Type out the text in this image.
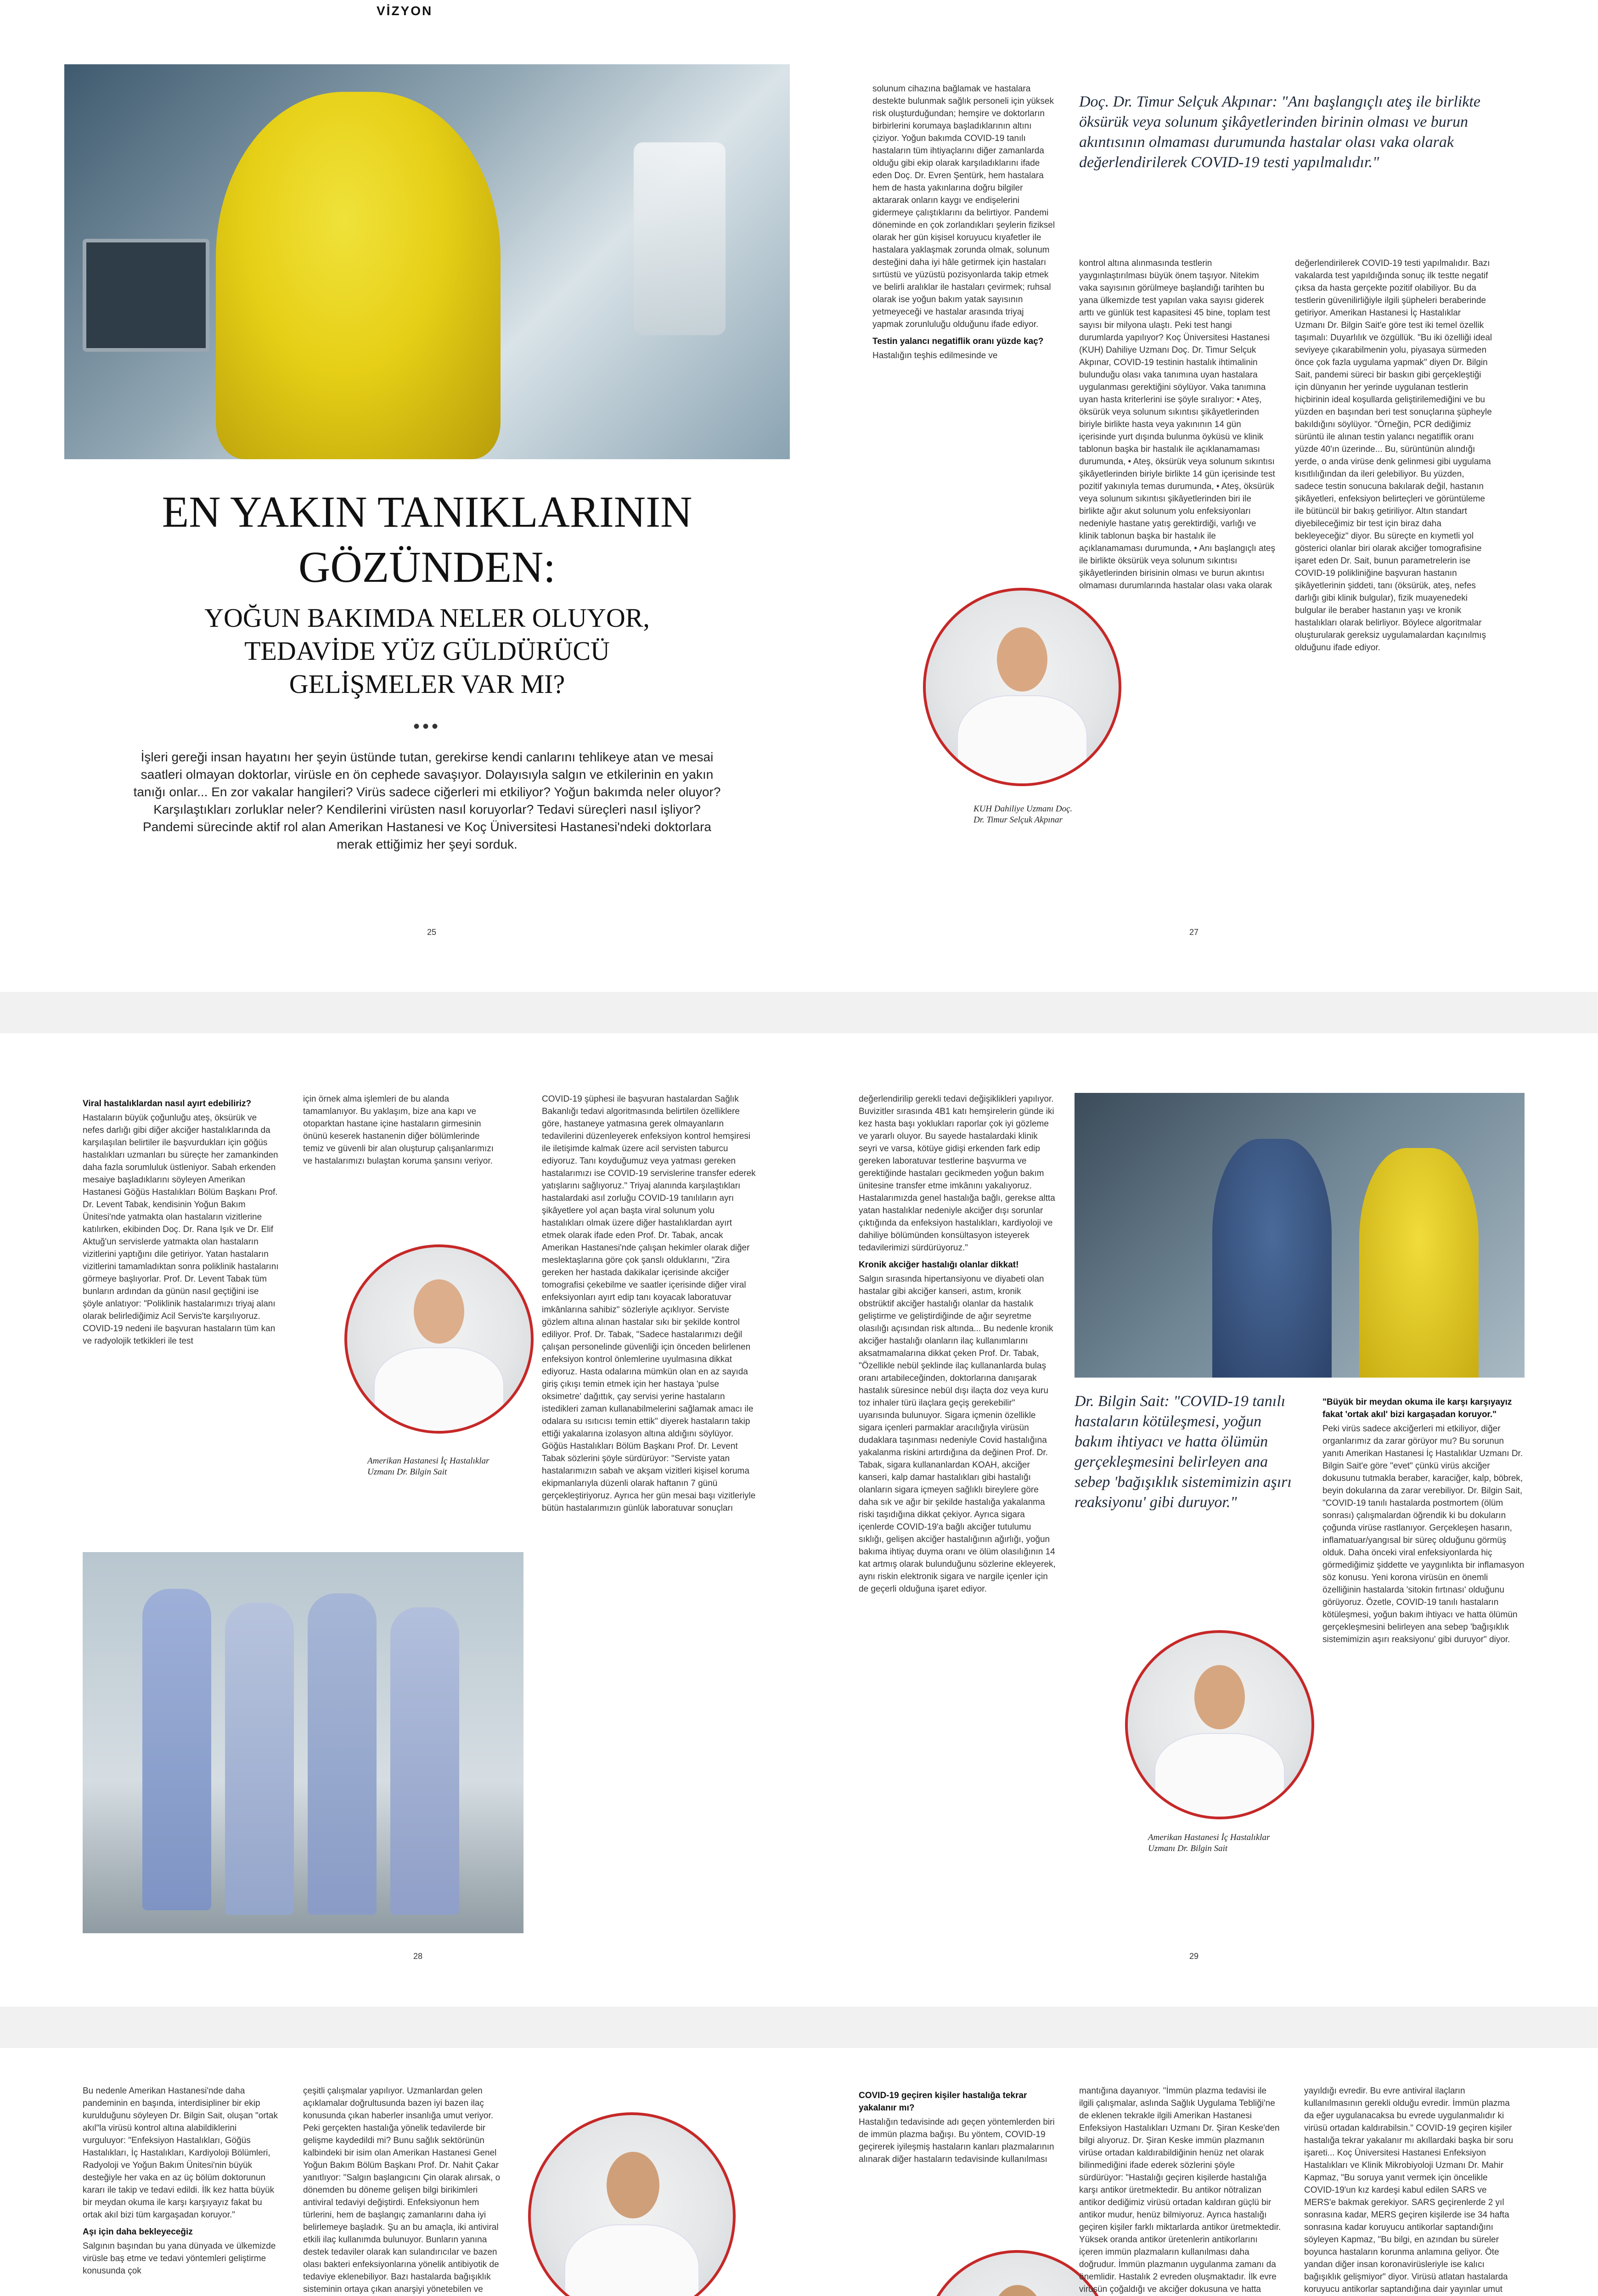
VİZYON
EN YAKIN TANIKLARININ
GÖZÜNDEN:
YOĞUN BAKIMDA NELER OLUYOR, TEDAVİDE YÜZ GÜLDÜRÜCÜ GELİŞMELER VAR MI?
•••
İşleri gereği insan hayatını her şeyin üstünde tutan, gerekirse kendi canlarını tehlikeye atan ve mesai saatleri olmayan doktorlar, virüsle en ön cephede savaşıyor. Dolayısıyla salgın ve etkilerinin en yakın tanığı onlar... En zor vakalar hangileri? Virüs sadece ciğerleri mi etkiliyor? Yoğun bakımda neler oluyor? Karşılaştıkları zorluklar neler? Kendilerini virüsten nasıl koruyorlar? Tedavi süreçleri nasıl işliyor? Pandemi sürecinde aktif rol alan Amerikan Hastanesi ve Koç Üniversitesi Hastanesi'ndeki doktorlara merak ettiğimiz her şeyi sorduk.
25

solunum cihazına bağlamak ve hastalara destekte bulunmak sağlık personeli için yüksek risk oluşturduğundan; hemşire ve doktorların birbirlerini korumaya başladıklarının altını çiziyor. Yoğun bakımda COVID-19 tanılı hastaların tüm ihtiyaçlarını diğer zamanlarda olduğu gibi ekip olarak karşıladıklarını ifade eden Doç. Dr. Evren Şentürk, hem hastalara hem de hasta yakınlarına doğru bilgiler aktararak onların kaygı ve endişelerini gidermeye çalıştıklarını da belirtiyor. Pandemi döneminde en çok zorlandıkları şeylerin fiziksel olarak her gün kişisel koruyucu kıyafetler ile hastalara yaklaşmak zorunda olmak, solunum desteğini daha iyi hâle getirmek için hastaları sırtüstü ve yüzüstü pozisyonlarda takip etmek ve belirli aralıklar ile hastaları çevirmek; ruhsal olarak ise yoğun bakım yatak sayısının yetmeyeceği ve hastalar arasında triyaj yapmak zorunluluğu olduğunu ifade ediyor.

Testin yalancı negatiflik oranı yüzde kaç?

Hastalığın teşhis edilmesinde ve

Doç. Dr. Timur Selçuk Akpınar: "Anı başlangıçlı ateş ile birlikte öksürük veya solunum şikâyetlerinden birinin olması ve burun akıntısının olmaması durumunda hastalar olası vaka olarak değerlendirilerek COVID-19 testi yapılmalıdır."

kontrol altına alınmasında testlerin yaygınlaştırılması büyük önem taşıyor. Nitekim vaka sayısının görülmeye başlandığı tarihten bu yana ülkemizde test yapılan vaka sayısı giderek arttı ve günlük test kapasitesi 45 bine, toplam test sayısı bir milyona ulaştı. Peki test hangi durumlarda yapılıyor? Koç Üniversitesi Hastanesi (KUH) Dahiliye Uzmanı Doç. Dr. Timur Selçuk Akpınar, COVID-19 testinin hastalık ihtimalinin bulunduğu olası vaka tanımına uyan hastalara uygulanması gerektiğini söylüyor. Vaka tanımına uyan hasta kriterlerini ise şöyle sıralıyor: • Ateş, öksürük veya solunum sıkıntısı şikâyetlerinden biriyle birlikte hasta veya yakınının 14 gün içerisinde yurt dışında bulunma öyküsü ve klinik tablonun başka bir hastalık ile açıklanamaması durumunda, • Ateş, öksürük veya solunum sıkıntısı şikâyetlerinden biriyle birlikte 14 gün içerisinde test pozitif yakınıyla temas durumunda, • Ateş, öksürük veya solunum sıkıntısı şikâyetlerinden biri ile birlikte ağır akut solunum yolu enfeksiyonları nedeniyle hastane yatış gerektirdiği, varlığı ve klinik tablonun başka bir hastalık ile açıklanamaması durumunda, • Anı başlangıçlı ateş ile birlikte öksürük veya solunum sıkıntısı şikâyetlerinden birisinin olması ve burun akıntısı olmaması durumlarında hastalar olası vaka olarak

değerlendirilerek COVID-19 testi yapılmalıdır. Bazı vakalarda test yapıldığında sonuç ilk testte negatif çıksa da hasta gerçekte pozitif olabiliyor. Bu da testlerin güvenilirliğiyle ilgili şüpheleri beraberinde getiriyor. Amerikan Hastanesi İç Hastalıklar Uzmanı Dr. Bilgin Sait'e göre test iki temel özellik taşımalı: Duyarlılık ve özgüllük. "Bu iki özelliği ideal seviyeye çıkarabilmenin yolu, piyasaya sürmeden önce çok fazla uygulama yapmak" diyen Dr. Bilgin Sait, pandemi süreci bir baskın gibi gerçekleştiği için dünyanın her yerinde uygulanan testlerin hiçbirinin ideal koşullarda geliştirilemediğini ve bu yüzden en başından beri test sonuçlarına şüpheyle bakıldığını söylüyor. "Örneğin, PCR dediğimiz sürüntü ile alınan testin yalancı negatiflik oranı yüzde 40'ın üzerinde... Bu, sürüntünün alındığı yerde, o anda virüse denk gelinmesi gibi uygulama kısıtlılığından da ileri gelebiliyor. Bu yüzden, sadece testin sonucuna bakılarak değil, hastanın şikâyetleri, enfeksiyon belirteçleri ve görüntüleme ile bütüncül bir bakış getiriliyor. Altın standart diyebileceğimiz bir test için biraz daha bekleyeceğiz" diyor. Bu süreçte en kıymetli yol gösterici olanlar biri olarak akciğer tomografisine işaret eden Dr. Sait, bunun parametrelerin ise COVID-19 polikliniğine başvuran hastanın şikâyetlerinin şiddeti, tanı (öksürük, ateş, nefes darlığı gibi klinik bulgular), fizik muayenedeki bulgular ile beraber hastanın yaşı ve kronik hastalıkları olarak belirliyor. Böylece algoritmalar oluşturularak gereksiz uygulamalardan kaçınılmış olduğunu ifade ediyor.

KUH Dahiliye Uzmanı Doç. Dr. Timur Selçuk Akpınar
27

Viral hastalıklardan nasıl ayırt edebiliriz?

Hastaların büyük çoğunluğu ateş, öksürük ve nefes darlığı gibi diğer akciğer hastalıklarında da karşılaşılan belirtiler ile başvurdukları için göğüs hastalıkları uzmanları bu süreçte her zamankinden daha fazla sorumluluk üstleniyor. Sabah erkenden mesaiye başladıklarını söyleyen Amerikan Hastanesi Göğüs Hastalıkları Bölüm Başkanı Prof. Dr. Levent Tabak, kendisinin Yoğun Bakım Ünitesi'nde yatmakta olan hastaların vizitlerine katılırken, ekibinden Doç. Dr. Rana Işık ve Dr. Elif Aktuğ'un servislerde yatmakta olan hastaların vizitlerini yaptığını dile getiriyor. Yatan hastaların vizitlerini tamamladıktan sonra poliklinik hastalarını görmeye başlıyorlar. Prof. Dr. Levent Tabak tüm bunların ardından da günün nasıl geçtiğini ise şöyle anlatıyor: "Poliklinik hastalarımızı triyaj alanı olarak belirlediğimiz Acil Servis'te karşılıyoruz. COVID-19 nedeni ile başvuran hastaların tüm kan ve radyolojik tetkikleri ile test

için örnek alma işlemleri de bu alanda tamamlanıyor. Bu yaklaşım, bize ana kapı ve otoparktan hastane içine hastaların girmesinin önünü keserek hastanenin diğer bölümlerinde temiz ve güvenli bir alan oluşturup çalışanlarımızı ve hastalarımızı bulaştan koruma şansını veriyor.

Amerikan Hastanesi İç Hastalıklar Uzmanı Dr. Bilgin Sait
28

COVID-19 şüphesi ile başvuran hastalardan Sağlık Bakanlığı tedavi algoritmasında belirtilen özelliklere göre, hastaneye yatmasına gerek olmayanların tedavilerini düzenleyerek enfeksiyon kontrol hemşiresi ile iletişimde kalmak üzere acil servisten taburcu ediyoruz. Tanı koyduğumuz veya yatması gereken hastalarımızı ise COVID-19 servislerine transfer ederek yatışlarını sağlıyoruz." Triyaj alanında karşılaştıkları hastalardaki asıl zorluğu COVID-19 tanılıların ayrı şikâyetlere yol açan başta viral solunum yolu hastalıkları olmak üzere diğer hastalıklardan ayırt etmek olarak ifade eden Prof. Dr. Tabak, ancak Amerikan Hastanesi'nde çalışan hekimler olarak diğer meslektaşlarına göre çok şanslı olduklarını, "Zira gereken her hastada dakikalar içerisinde akciğer tomografisi çekebilme ve saatler içerisinde diğer viral enfeksiyonları ayırt edip tanı koyacak laboratuvar imkânlarına sahibiz" sözleriyle açıklıyor. Serviste gözlem altına alınan hastalar sıkı bir şekilde kontrol ediliyor. Prof. Dr. Tabak, "Sadece hastalarımızı değil çalışan personelinde güvenliği için önceden belirlenen enfeksiyon kontrol önlemlerine uyulmasına dikkat ediyoruz. Hasta odalarına mümkün olan en az sayıda giriş çıkışı temin etmek için her hastaya 'pulse oksimetre' dağıttık, çay servisi yerine hastaların istedikleri zaman kullanabilmelerini sağlamak amacı ile odalara su ısıtıcısı temin ettik" diyerek hastaların takip ettiği yakalarına izolasyon altına aldığını söylüyor. Göğüs Hastalıkları Bölüm Başkanı Prof. Dr. Levent Tabak sözlerini şöyle sürdürüyor: "Serviste yatan hastalarımızın sabah ve akşam vizitleri kişisel koruma ekipmanlarıyla düzenli olarak haftanın 7 günü gerçekleştiriyoruz. Ayrıca her gün mesai başı vizitleriyle bütün hastalarımızın günlük laboratuvar sonuçları

değerlendirilip gerekli tedavi değişiklikleri yapılıyor. Buvizitler sırasında 4B1 katı hemşirelerin günde iki kez hasta başı yoklukları raporlar çok iyi gözleme ve yararlı oluyor. Bu sayede hastalardaki klinik seyri ve varsa, kötüye gidişi erkenden fark edip gereken laboratuvar testlerine başvurma ve gerektiğinde hastaları gecikmeden yoğun bakım ünitesine transfer etme imkânını yakalıyoruz. Hastalarımızda genel hastalığa bağlı, gerekse altta yatan hastalıklar nedeniyle akciğer dışı sorunlar çıktığında da enfeksiyon hastalıkları, kardiyoloji ve dahiliye bölümünden konsültasyon isteyerek tedavilerimizi sürdürüyoruz."

Kronik akciğer hastalığı olanlar dikkat!

Salgın sırasında hipertansiyonu ve diyabeti olan hastalar gibi akciğer kanseri, astım, kronik obstrüktif akciğer hastalığı olanlar da hastalık geliştirme ve geliştirdiğinde de ağır seyretme olasılığı açısından risk altında... Bu nedenle kronik akciğer hastalığı olanların ilaç kullanımlarını aksatmamalarına dikkat çeken Prof. Dr. Tabak, "Özellikle nebül şeklinde ilaç kullananlarda bulaş oranı artabileceğinden, doktorlarına danışarak hastalık süresince nebül dışı ilaçta doz veya kuru toz inhaler türü ilaçlara geçiş gerekebilir" uyarısında bulunuyor. Sigara içmenin özellikle sigara içenleri parmaklar aracılığıyla virüsün dudaklara taşınması nedeniyle Covid hastalığına yakalanma riskini artırdığına da değinen Prof. Dr. Tabak, sigara kullananlardan KOAH, akciğer kanseri, kalp damar hastalıkları gibi hastalığı olanların sigara içmeyen sağlıklı bireylere göre daha sık ve ağır bir şekilde hastalığa yakalanma riski taşıdığına dikkat çekiyor. Ayrıca sigara içenlerde COVID-19'a bağlı akciğer tutulumu sıklığı, gelişen akciğer hastalığının ağırlığı, yoğun bakıma ihtiyaç duyma oranı ve ölüm olasılığının 14 kat artmış olarak bulunduğunu sözlerine ekleyerek, aynı riskin elektronik sigara ve nargile içenler için de geçerli olduğuna işaret ediyor.

Dr. Bilgin Sait: "COVID-19 tanılı hastaların kötüleşmesi, yoğun bakım ihtiyacı ve hatta ölümün gerçekleşmesini belirleyen ana sebep 'bağışıklık sistemimizin aşırı reaksiyonu' gibi duruyor."

"Büyük bir meydan okuma ile karşı karşıyayız fakat 'ortak akıl' bizi kargaşadan koruyor."

Peki virüs sadece akciğerleri mi etkiliyor, diğer organlarımız da zarar görüyor mu? Bu sorunun yanıtı Amerikan Hastanesi İç Hastalıklar Uzmanı Dr. Bilgin Sait'e göre "evet" çünkü virüs akciğer dokusunu tutmakla beraber, karaciğer, kalp, böbrek, beyin dokularına da zarar verebiliyor. Dr. Bilgin Sait, "COVID-19 tanılı hastalarda postmortem (ölüm sonrası) çalışmalardan öğrendik ki bu dokuların çoğunda virüse rastlanıyor. Gerçekleşen hasarın, inflamatuar/yangısal bir süreç olduğunu görmüş olduk. Daha önceki viral enfeksiyonlarda hiç görmediğimiz şiddette ve yaygınlıkta bir inflamasyon söz konusu. Yeni korona virüsün en önemli özelliğinin hastalarda 'sitokin fırtınası' olduğunu görüyoruz. Özetle, COVID-19 tanılı hastaların kötüleşmesi, yoğun bakım ihtiyacı ve hatta ölümün gerçekleşmesini belirleyen ana sebep 'bağışıklık sistemimizin aşırı reaksiyonu' gibi duruyor" diyor.

Amerikan Hastanesi İç Hastalıklar Uzmanı Dr. Bilgin Sait
29

Bu nedenle Amerikan Hastanesi'nde daha pandeminin en başında, interdisipliner bir ekip kurulduğunu söyleyen Dr. Bilgin Sait, oluşan "ortak akıl"la virüsü kontrol altına alabildiklerini vurguluyor: "Enfeksiyon Hastalıkları, Göğüs Hastalıkları, İç Hastalıkları, Kardiyoloji Bölümleri, Radyoloji ve Yoğun Bakım Ünitesi'nin büyük desteğiyle her vaka en az üç bölüm doktorunun kararı ile takip ve tedavi edildi. İlk kez hatta büyük bir meydan okuma ile karşı karşıyayız fakat bu ortak akıl bizi tüm kargaşadan koruyor."

Aşı için daha bekleyeceğiz

Salgının başından bu yana dünyada ve ülkemizde virüsle baş etme ve tedavi yöntemleri geliştirme konusunda çok

çeşitli çalışmalar yapılıyor. Uzmanlardan gelen açıklamalar doğrultusunda bazen iyi bazen ilaç konusunda çıkan haberler insanlığa umut veriyor. Peki gerçekten hastalığa yönelik tedavilerde bir gelişme kaydedildi mi? Bunu sağlık sektörünün kalbindeki bir isim olan Amerikan Hastanesi Genel Yoğun Bakım Bölüm Başkanı Prof. Dr. Nahit Çakar yanıtlıyor: "Salgın başlangıcını Çin olarak alırsak, o dönemden bu döneme gelişen bilgi birikimleri antiviral tedaviyi değiştirdi. Enfeksiyonun hem türlerini, hem de başlangıç zamanlarını daha iyi belirlemeye başladık. Şu an bu amaçla, iki antiviral etkili ilaç kullanımda bulunuyor. Bunların yanına destek tedaviler olarak kan sulandırıcılar ve bazen olası bakteri enfeksiyonlarına yönelik antibiyotik de tedaviye eklenebiliyor. Bazı hastalarda bağışıklık sisteminin ortaya çıkan anarşiyi yönetebilen ve

COVID-19 geçiren kişiler hastalığa tekrar yakalanır mı?

Hastalığın tedavisinde adı geçen yöntemlerden biri de immün plazma bağışı. Bu yöntem, COVID-19 geçirerek iyileşmiş hastaların kanları plazmalarının alınarak diğer hastaların tedavisinde kullanılması

mantığına dayanıyor. "İmmün plazma tedavisi ile ilgili çalışmalar, aslında Sağlık Uygulama Tebliği'ne de eklenen tekrakle ilgili Amerikan Hastanesi Enfeksiyon Hastalıkları Uzmanı Dr. Şiran Keske'den bilgi alıyoruz. Dr. Şiran Keske immün plazmanın virüse ortadan kaldırabildiğinin henüz net olarak bilinmediğini ifade ederek sözlerini şöyle sürdürüyor: "Hastalığı geçiren kişilerde hastalığa karşı antikor üretmektedir. Bu antikor nötralizan antikor dediğimiz virüsü ortadan kaldıran güçlü bir antikor mudur, henüz bilmiyoruz. Ayrıca hastalığı geçiren kişiler farklı miktarlarda antikor üretmektedir. Yüksek oranda antikor üretenlerin antikorlarını içeren immün plazmaların kullanılması daha doğrudur. İmmün plazmanın uygulanma zamanı da önemlidir. Hastalık 2 evreden oluşmaktadır. İlk evre virüsün çoğaldığı ve akciğer dokusuna ve hatta

yayıldığı evredir. Bu evre antiviral ilaçların kullanılmasının gerekli olduğu evredir. İmmün plazma da eğer uygulanacaksa bu evrede uygulanmalıdır ki virüsü ortadan kaldırabilsin." COVID-19 geçiren kişiler hastalığa tekrar yakalanır mı akıllardaki başka bir soru işareti... Koç Üniversitesi Hastanesi Enfeksiyon Hastalıkları ve Klinik Mikrobiyoloji Uzmanı Dr. Mahir Kapmaz, "Bu soruya yanıt vermek için öncelikle COVID-19'un kız kardeşi kabul edilen SARS ve MERS'e bakmak gerekiyor. SARS geçirenlerde 2 yıl sonrasına kadar, MERS geçiren kişilerde ise 34 hafta sonrasına kadar koruyucu antikorlar saptandığını söyleyen Kapmaz, "Bu bilgi, en azından bu süreler boyunca hastaların korunma anlamına geliyor. Öte yandan diğer insan koronavirüsleriyle ise kalıcı bağışıklık gelişmiyor" diyor. Virüsü atlatan hastalarda koruyucu antikorlar saptandığına dair yayınlar umut
